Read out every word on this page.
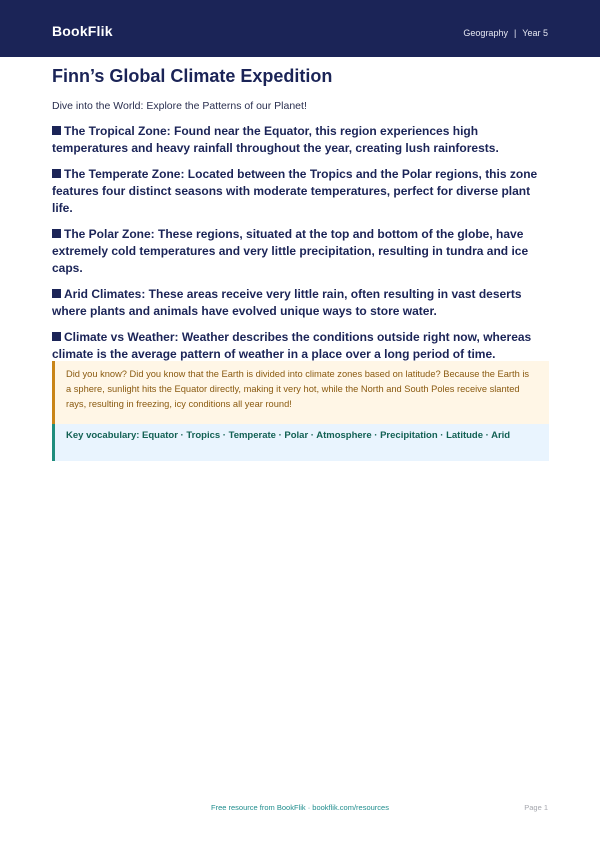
BookFlik	Geography | Year 5
Finn’s Global Climate Expedition

Dive into the World: Explore the Patterns of our Planet!

The Tropical Zone: Found near the Equator, this region experiences high temperatures and heavy rainfall throughout the year, creating lush rainforests.
The Temperate Zone: Located between the Tropics and the Polar regions, this zone features four distinct seasons with moderate temperatures, perfect for diverse plant life.
The Polar Zone: These regions, situated at the top and bottom of the globe, have extremely cold temperatures and very little precipitation, resulting in tundra and ice caps.
Arid Climates: These areas receive very little rain, often resulting in vast deserts where plants and animals have evolved unique ways to store water.
Climate vs Weather: Weather describes the conditions outside right now, whereas climate is the average pattern of weather in a place over a long period of time.
Did you know? Did you know that the Earth is divided into climate zones based on latitude? Because the Earth is a sphere, sunlight hits the Equator directly, making it very hot, while the North and South Poles receive slanted rays, resulting in freezing, icy conditions all year round!
Key vocabulary: Equator · Tropics · Temperate · Polar · Atmosphere · Precipitation · Latitude · Arid
Free resource from BookFlik · bookflik.com/resources	Page 1
